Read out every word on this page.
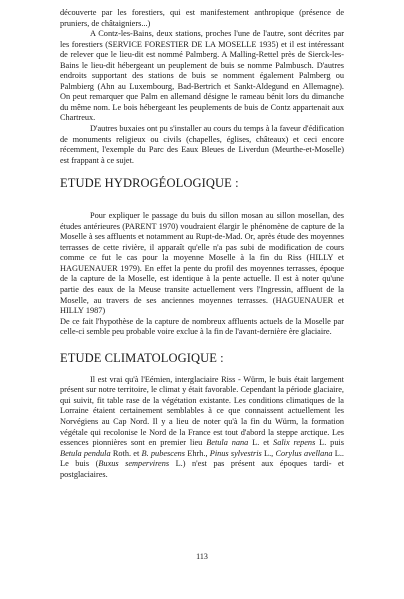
découverte par les forestiers, qui est manifestement anthropique (présence de pruniers, de châtaigniers...)

A Contz-les-Bains, deux stations, proches l'une de l'autre, sont décrites par les forestiers (SERVICE FORESTIER DE LA MOSELLE 1935) et il est intéressant de relever que le lieu-dit est nommé Palmberg. A Malling-Rettel près de Sierck-les-Bains le lieu-dit hébergeant un peuplement de buis se nomme Palmbusch. D'autres endroits supportant des stations de buis se nomment également Palmberg ou Palmbierg (Ahn au Luxembourg, Bad-Bertrich et Sankt-Aldegund en Allemagne). On peut remarquer que Palm en allemand désigne le rameau bénit lors du dimanche du même nom. Le bois hébergeant les peuplements de buis de Contz appartenait aux Chartreux.

D'autres buxaies ont pu s'installer au cours du temps à la faveur d'édification de monuments religieux ou civils (chapelles, églises, châteaux) et ceci encore récemment, l'exemple du Parc des Eaux Bleues de Liverdun (Meurthe-et-Moselle) est frappant à ce sujet.

ETUDE HYDROGÉOLOGIQUE :

Pour expliquer le passage du buis du sillon mosan au sillon mosellan, des études antérieures (PARENT 1970) voudraient élargir le phénomène de capture de la Moselle à ses affluents et notamment au Rupt-de-Mad. Or, après étude des moyennes terrasses de cette rivière, il apparaît qu'elle n'a pas subi de modification de cours comme ce fut le cas pour la moyenne Moselle à la fin du Riss (HILLY et HAGUENAUER 1979). En effet la pente du profil des moyennes terrasses, époque de la capture de la Moselle, est identique à la pente actuelle. Il est à noter qu'une partie des eaux de la Meuse transite actuellement vers l'Ingressin, affluent de la Moselle, au travers de ses anciennes moyennes terrasses. (HAGUENAUER et HILLY 1987)

De ce fait l'hypothèse de la capture de nombreux affluents actuels de la Moselle par celle-ci semble peu probable voire exclue à la fin de l'avant-dernière ère glaciaire.

ETUDE CLIMATOLOGIQUE :

Il est vrai qu'à l'Eémien, interglaciaire Riss - Würm, le buis était largement présent sur notre territoire, le climat y était favorable. Cependant la période glaciaire, qui suivit, fit table rase de la végétation existante. Les conditions climatiques de la Lorraine étaient certainement semblables à ce que connaissent actuellement les Norvégiens au Cap Nord. Il y a lieu de noter qu'à la fin du Würm, la formation végétale qui recolonise le Nord de la France est tout d'abord la steppe arctique. Les essences pionnières sont en premier lieu Betula nana L. et Salix repens L. puis Betula pendula Roth. et B. pubescens Ehrh., Pinus sylvestris L., Corylus avellana L.. Le buis (Buxus sempervirens L.) n'est pas présent aux époques tardi- et postglaciaires.

113
